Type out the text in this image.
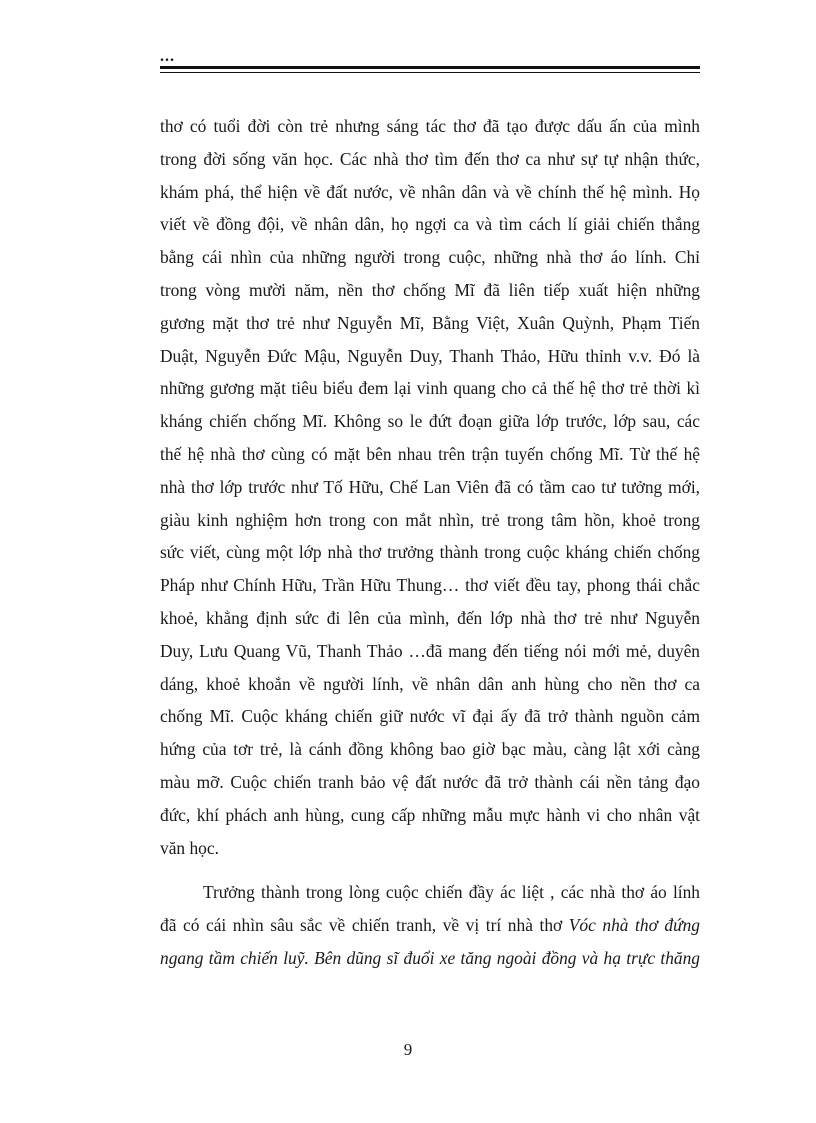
...
thơ có tuổi đời còn trẻ nhưng sáng tác thơ đã tạo được dấu ấn của mình
trong đời sống văn học. Các nhà thơ tìm đến thơ ca như sự tự nhận thức,
khám phá, thể hiện về đất nước, về nhân dân và về chính thế hệ mình. Họ
viết về đồng đội, về nhân dân, họ ngợi ca và tìm cách lí giải chiến thắng
bằng cái nhìn của những người trong cuộc, những nhà thơ áo lính. Chỉ
trong vòng mười năm, nền thơ chống Mĩ đã liên tiếp xuất hiện những
gương mặt thơ trẻ như Nguyễn Mĩ, Bằng Việt, Xuân Quỳnh, Phạm Tiến
Duật, Nguyễn Đức Mậu, Nguyễn Duy, Thanh Thảo, Hữu thỉnh v.v. Đó là
những gương mặt tiêu biểu đem lại vinh quang cho cả thế hệ thơ trẻ thời kì
kháng chiến chống Mĩ. Không so le đứt đoạn giữa lớp trước, lớp sau, các
thế hệ nhà thơ cùng có mặt bên nhau trên trận tuyến chống Mĩ. Từ thế hệ
nhà thơ lớp trước như Tố Hữu, Chế Lan Viên đã có tầm cao tư tưởng mới,
giàu kinh nghiệm hơn trong con mắt nhìn, trẻ trong tâm hồn, khoẻ trong
sức viết, cùng một lớp nhà thơ trưởng thành trong cuộc kháng chiến chống
Pháp như Chính Hữu, Trần Hữu Thung… thơ viết đều tay, phong thái chắc
khoẻ, khẳng định sức đi lên của mình, đến lớp nhà thơ trẻ như Nguyễn
Duy, Lưu Quang Vũ, Thanh Thảo …đã mang đến tiếng nói mới mẻ, duyên
dáng, khoẻ khoắn về người lính, về nhân dân anh hùng cho nền thơ ca
chống Mĩ. Cuộc kháng chiến giữ nước vĩ đại ấy đã trở thành nguồn cảm
hứng của tơr trẻ, là cánh đồng không bao giờ bạc màu, càng lật xới càng
màu mỡ. Cuộc chiến tranh bảo vệ đất nước đã trở thành cái nền tảng đạo
đức, khí phách anh hùng, cung cấp những mẫu mực hành vi cho nhân vật
văn học.
Trưởng thành trong lòng cuộc chiến đầy ác liệt , các nhà thơ áo lính
đã có cái nhìn sâu sắc về chiến tranh, về vị trí nhà thơ Vóc nhà thơ đứng
ngang tầm chiến luỹ. Bên dũng sĩ đuổi xe tăng ngoài đồng và hạ trực thăng
9
